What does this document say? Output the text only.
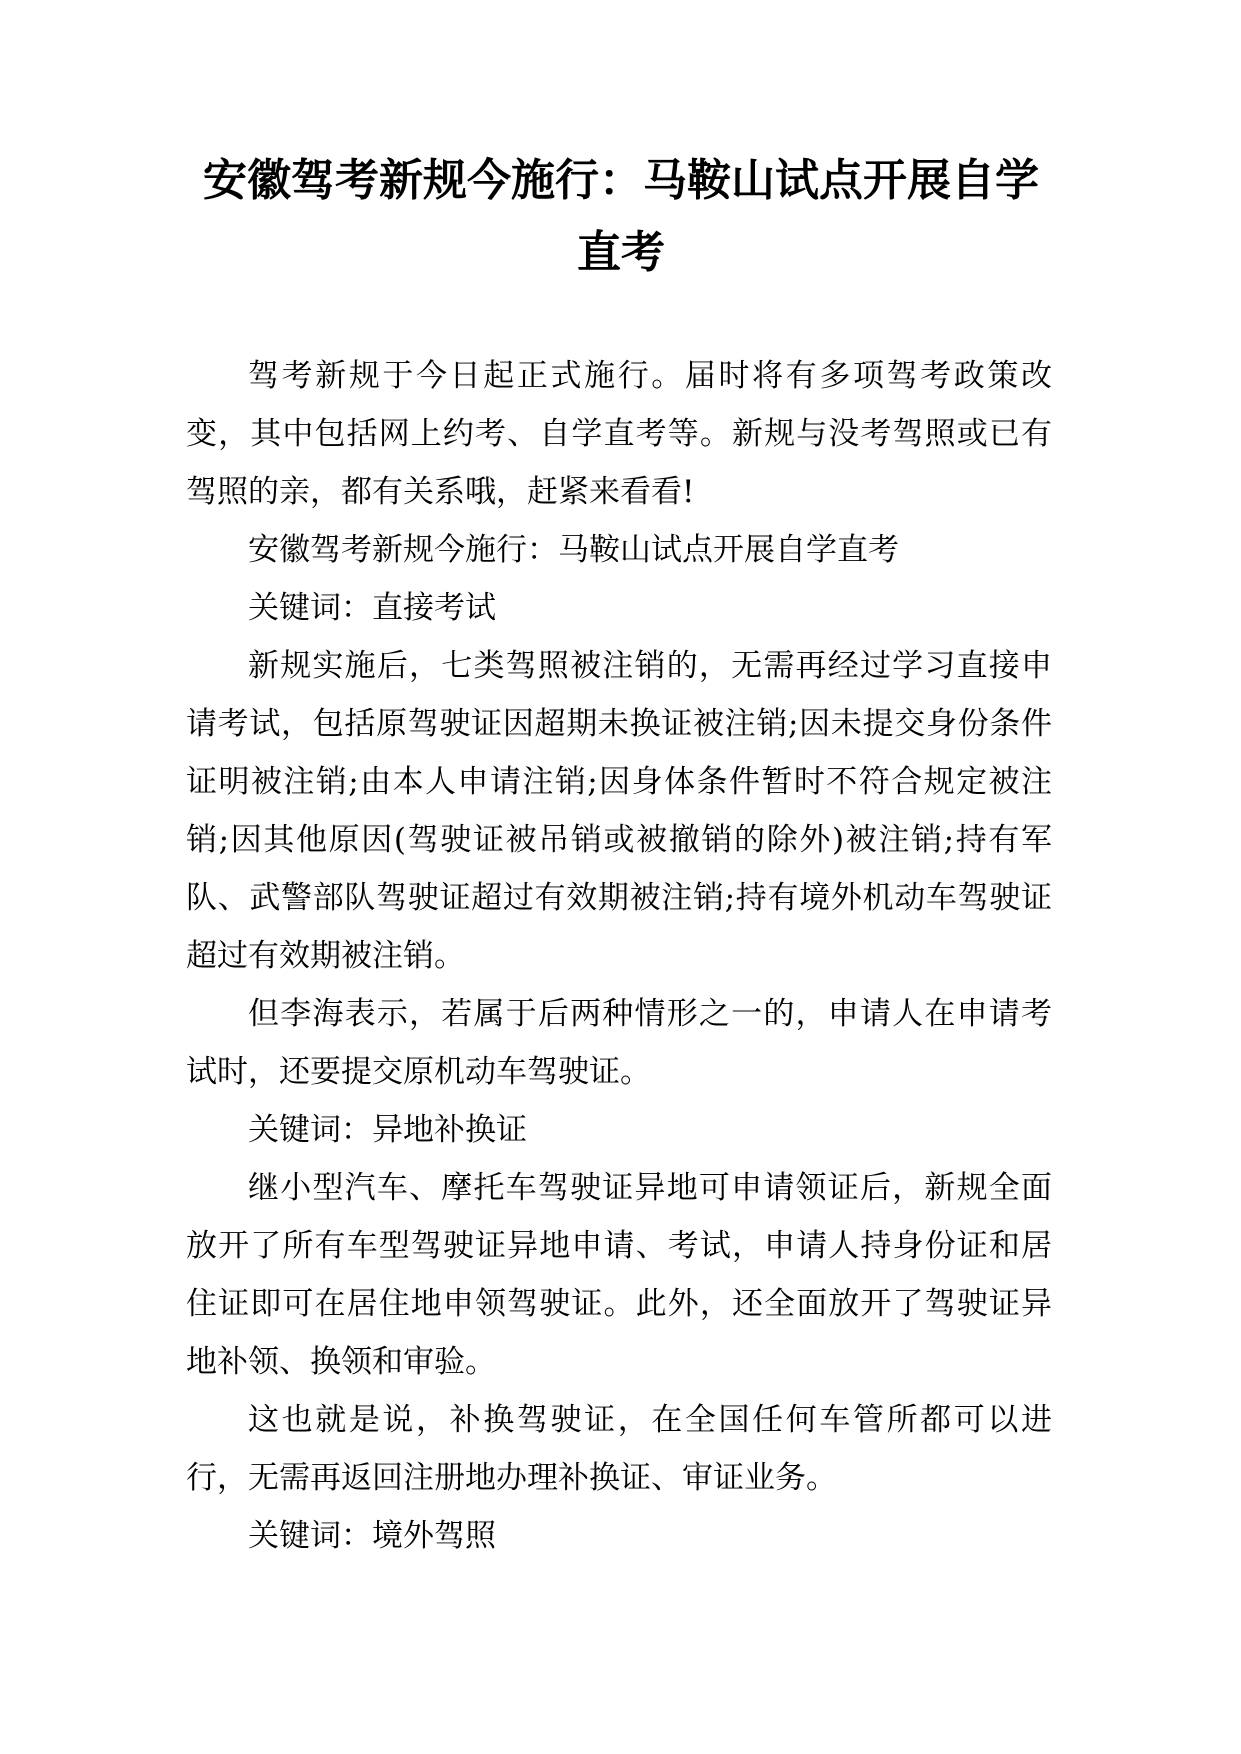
安徽驾考新规今施行：马鞍山试点开展自学直考

驾考新规于今日起正式施行。届时将有多项驾考政策改变，其中包括网上约考、自学直考等。新规与没考驾照或已有驾照的亲，都有关系哦，赶紧来看看!

安徽驾考新规今施行：马鞍山试点开展自学直考

关键词：直接考试

新规实施后，七类驾照被注销的，无需再经过学习直接申请考试，包括原驾驶证因超期未换证被注销;因未提交身份条件证明被注销;由本人申请注销;因身体条件暂时不符合规定被注销;因其他原因(驾驶证被吊销或被撤销的除外)被注销;持有军队、武警部队驾驶证超过有效期被注销;持有境外机动车驾驶证超过有效期被注销。

但李海表示，若属于后两种情形之一的，申请人在申请考试时，还要提交原机动车驾驶证。

关键词：异地补换证

继小型汽车、摩托车驾驶证异地可申请领证后，新规全面放开了所有车型驾驶证异地申请、考试，申请人持身份证和居住证即可在居住地申领驾驶证。此外，还全面放开了驾驶证异地补领、换领和审验。

这也就是说，补换驾驶证，在全国任何车管所都可以进行，无需再返回注册地办理补换证、审证业务。

关键词：境外驾照
